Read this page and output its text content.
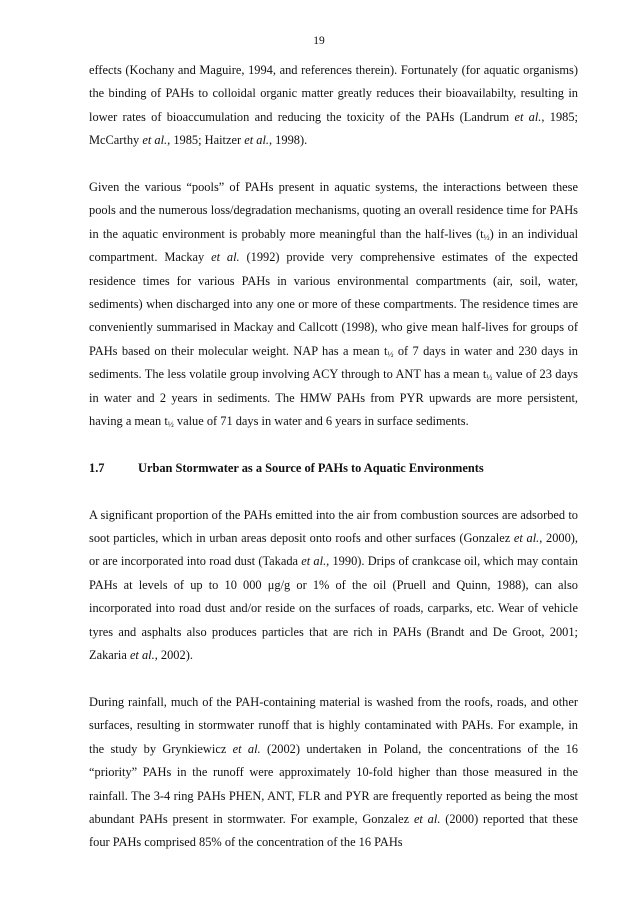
19

effects (Kochany and Maguire, 1994, and references therein). Fortunately (for aquatic organisms) the binding of PAHs to colloidal organic matter greatly reduces their bioavailabilty, resulting in lower rates of bioaccumulation and reducing the toxicity of the PAHs (Landrum et al., 1985; McCarthy et al., 1985; Haitzer et al., 1998).

Given the various “pools” of PAHs present in aquatic systems, the interactions between these pools and the numerous loss/degradation mechanisms, quoting an overall residence time for PAHs in the aquatic environment is probably more meaningful than the half-lives $(t_{\frac{1}{2}})$ in an individual compartment. Mackay et al. (1992) provide very comprehensive estimates of the expected residence times for various PAHs in various environmental compartments (air, soil, water, sediments) when discharged into any one or more of these compartments. The residence times are conveniently summarised in Mackay and Callcott (1998), who give mean half-lives for groups of PAHs based on their molecular weight. NAP has a mean $t_{\frac{1}{2}}$ of 7 days in water and 230 days in sediments. The less volatile group involving ACY through to ANT has a mean $t_{\frac{1}{2}}$ value of 23 days in water and 2 years in sediments. The HMW PAHs from PYR upwards are more persistent, having a mean $t_{\frac{1}{2}}$ value of 71 days in water and 6 years in surface sediments.

1.7	Urban Stormwater as a Source of PAHs to Aquatic Environments

A significant proportion of the PAHs emitted into the air from combustion sources are adsorbed to soot particles, which in urban areas deposit onto roofs and other surfaces (Gonzalez et al., 2000), or are incorporated into road dust (Takada et al., 1990). Drips of crankcase oil, which may contain PAHs at levels of up to 10 000 μg/g or 1% of the oil (Pruell and Quinn, 1988), can also incorporated into road dust and/or reside on the surfaces of roads, carparks, etc. Wear of vehicle tyres and asphalts also produces particles that are rich in PAHs (Brandt and De Groot, 2001; Zakaria et al., 2002).

During rainfall, much of the PAH-containing material is washed from the roofs, roads, and other surfaces, resulting in stormwater runoff that is highly contaminated with PAHs. For example, in the study by Grynkiewicz et al. (2002) undertaken in Poland, the concentrations of the 16 “priority” PAHs in the runoff were approximately 10-fold higher than those measured in the rainfall. The 3-4 ring PAHs PHEN, ANT, FLR and PYR are frequently reported as being the most abundant PAHs present in stormwater. For example, Gonzalez et al. (2000) reported that these four PAHs comprised 85% of the concentration of the 16 PAHs
